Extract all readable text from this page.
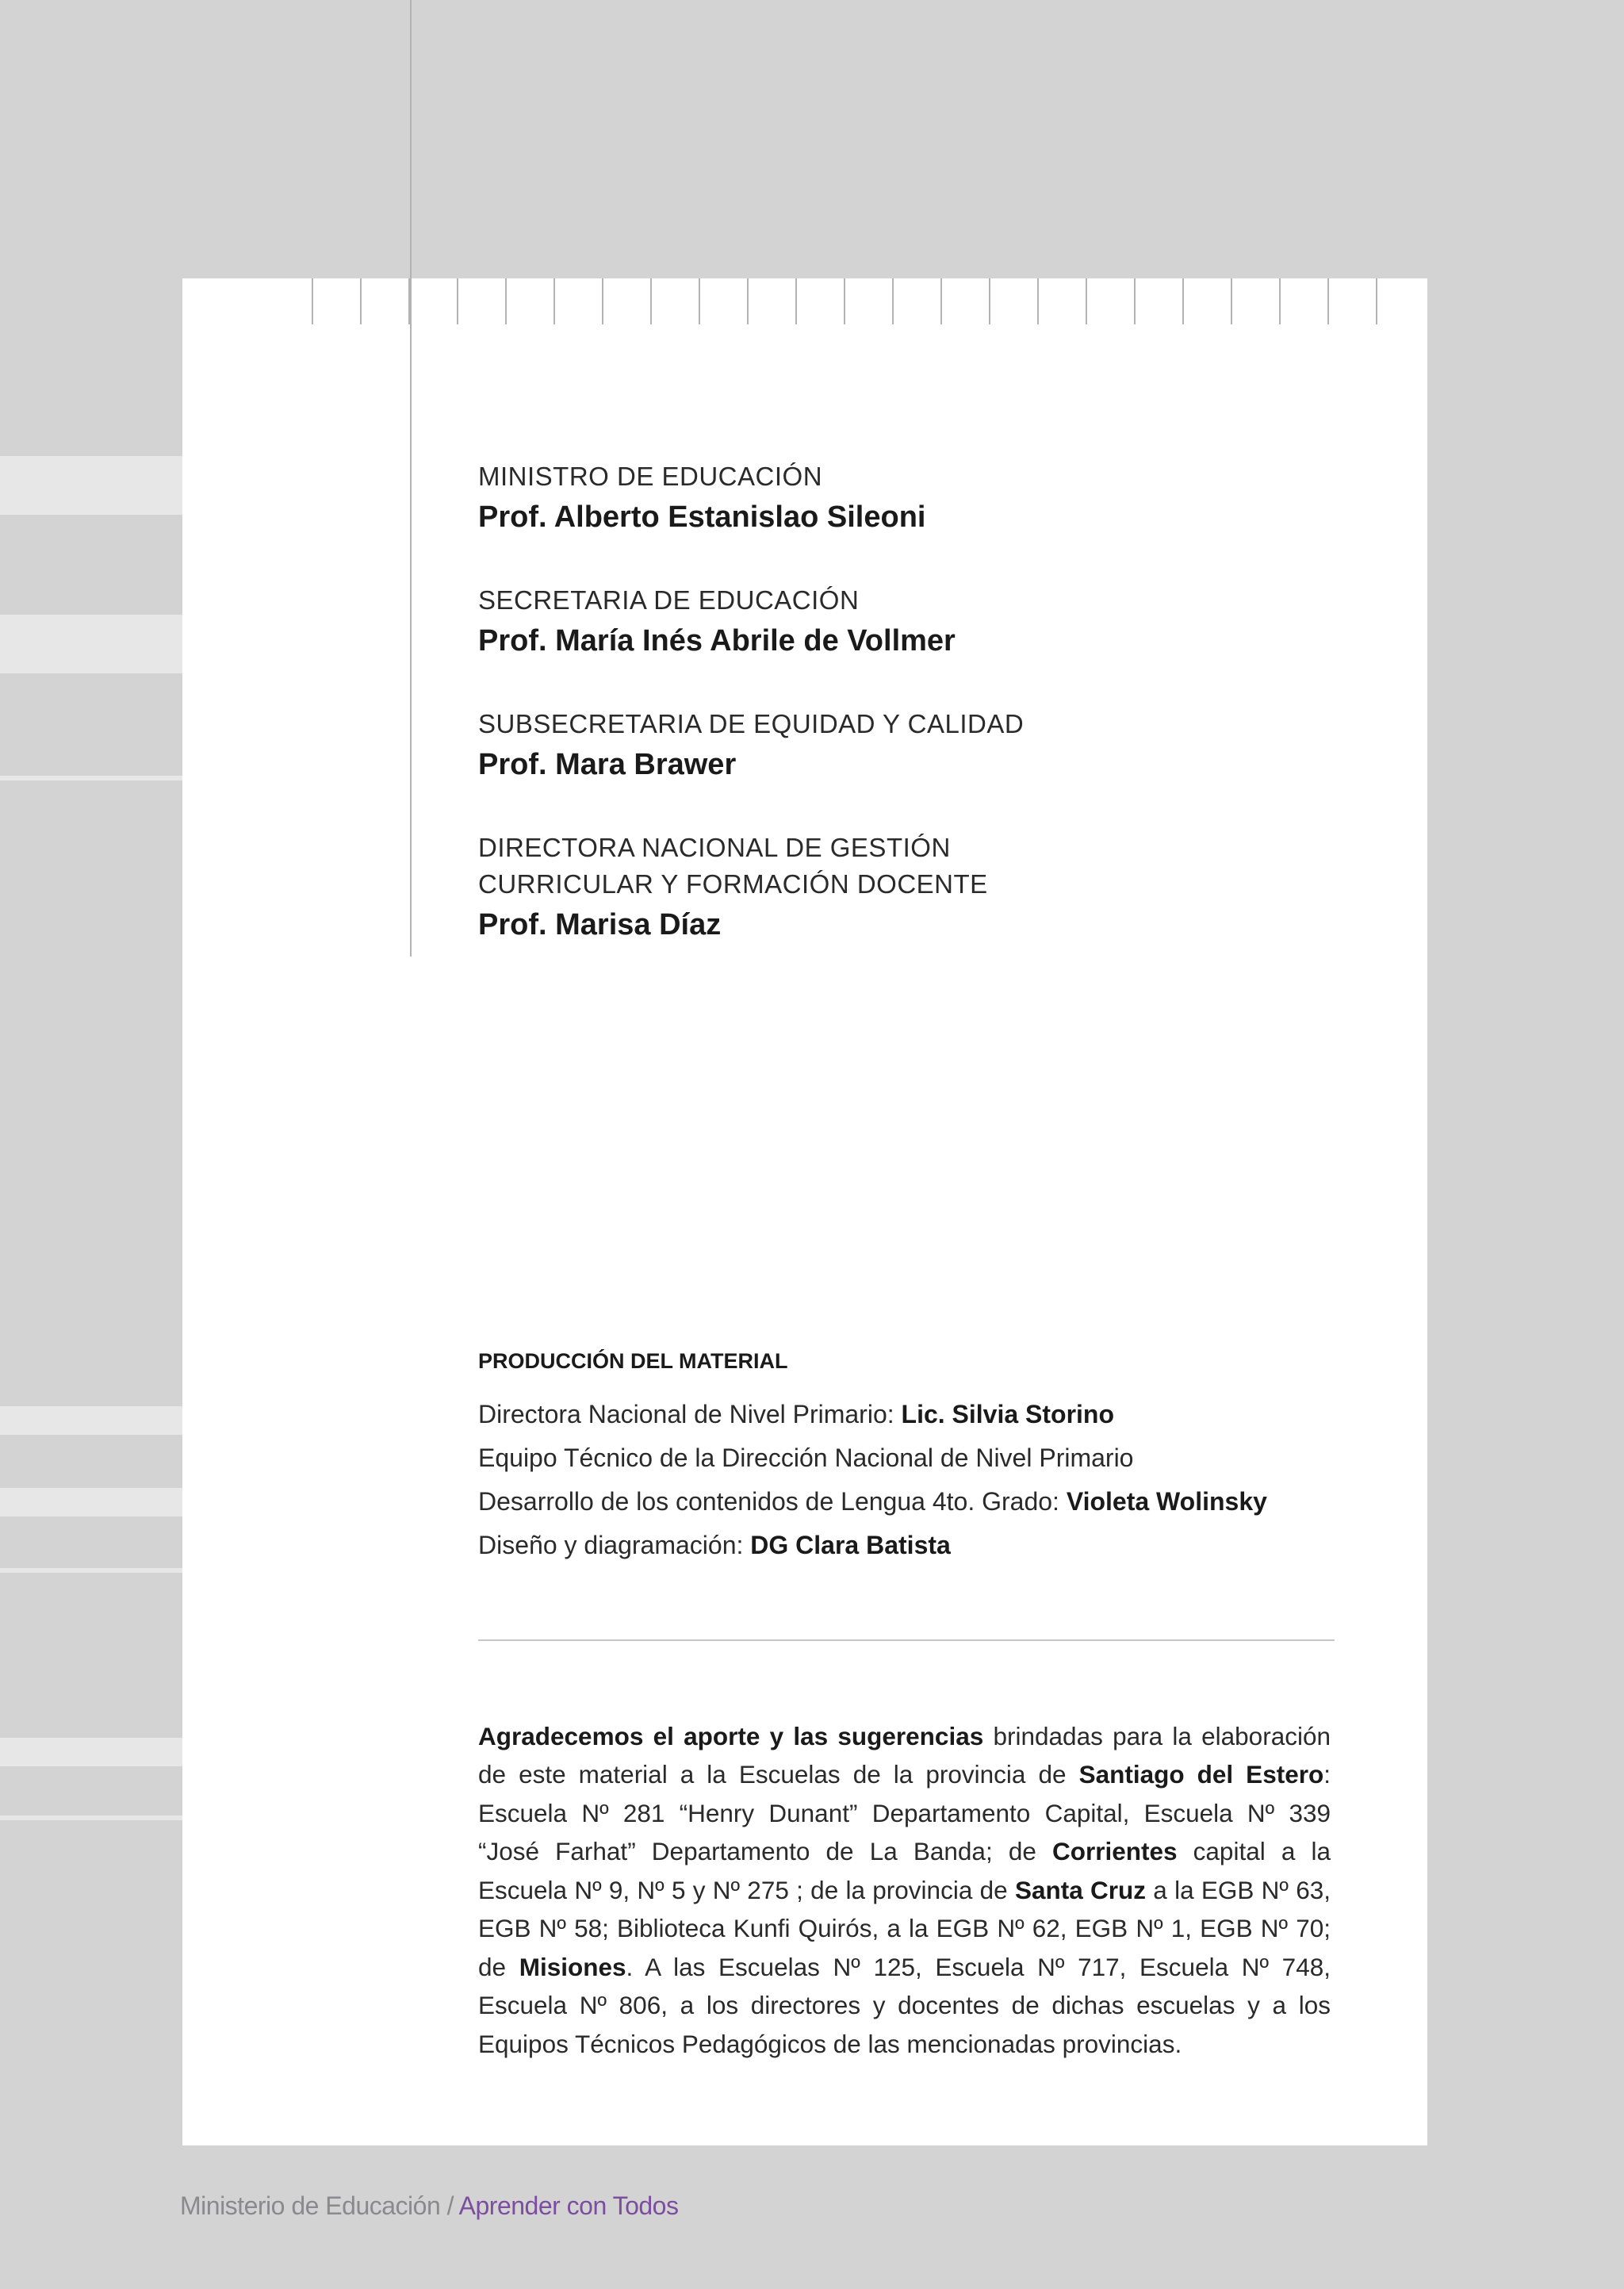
MINISTRO DE EDUCACIÓN
Prof. Alberto Estanislao Sileoni
SECRETARIA DE EDUCACIÓN
Prof. María Inés Abrile de Vollmer
SUBSECRETARIA DE EQUIDAD Y CALIDAD
Prof. Mara Brawer
DIRECTORA NACIONAL DE GESTIÓN
CURRICULAR Y FORMACIÓN DOCENTE
Prof. Marisa Díaz
PRODUCCIÓN DEL MATERIAL
Directora Nacional de Nivel Primario: Lic. Silvia Storino
Equipo Técnico de la Dirección Nacional de Nivel Primario
Desarrollo de los contenidos de Lengua 4to. Grado: Violeta Wolinsky
Diseño y diagramación: DG Clara Batista

Agradecemos el aporte y las sugerencias brindadas para la elaboración de este material a la Escuelas de la provincia de Santiago del Estero: Escuela Nº 281 “Henry Dunant” Departamento Capital, Escuela Nº 339 “José Farhat” Departamento de La Banda; de Corrientes capital a la Escuela Nº 9, Nº 5 y Nº 275 ; de la provincia de Santa Cruz a la EGB Nº 63, EGB Nº 58; Biblioteca Kunfi Quirós, a la EGB Nº 62, EGB Nº 1, EGB Nº 70; de Misiones. A las Escuelas Nº 125, Escuela Nº 717, Escuela Nº 748, Escuela Nº 806, a los directores y docentes de dichas escuelas y a los Equipos Técnicos Pedagógicos de las mencionadas provincias.

Ministerio de Educación / Aprender con Todos
